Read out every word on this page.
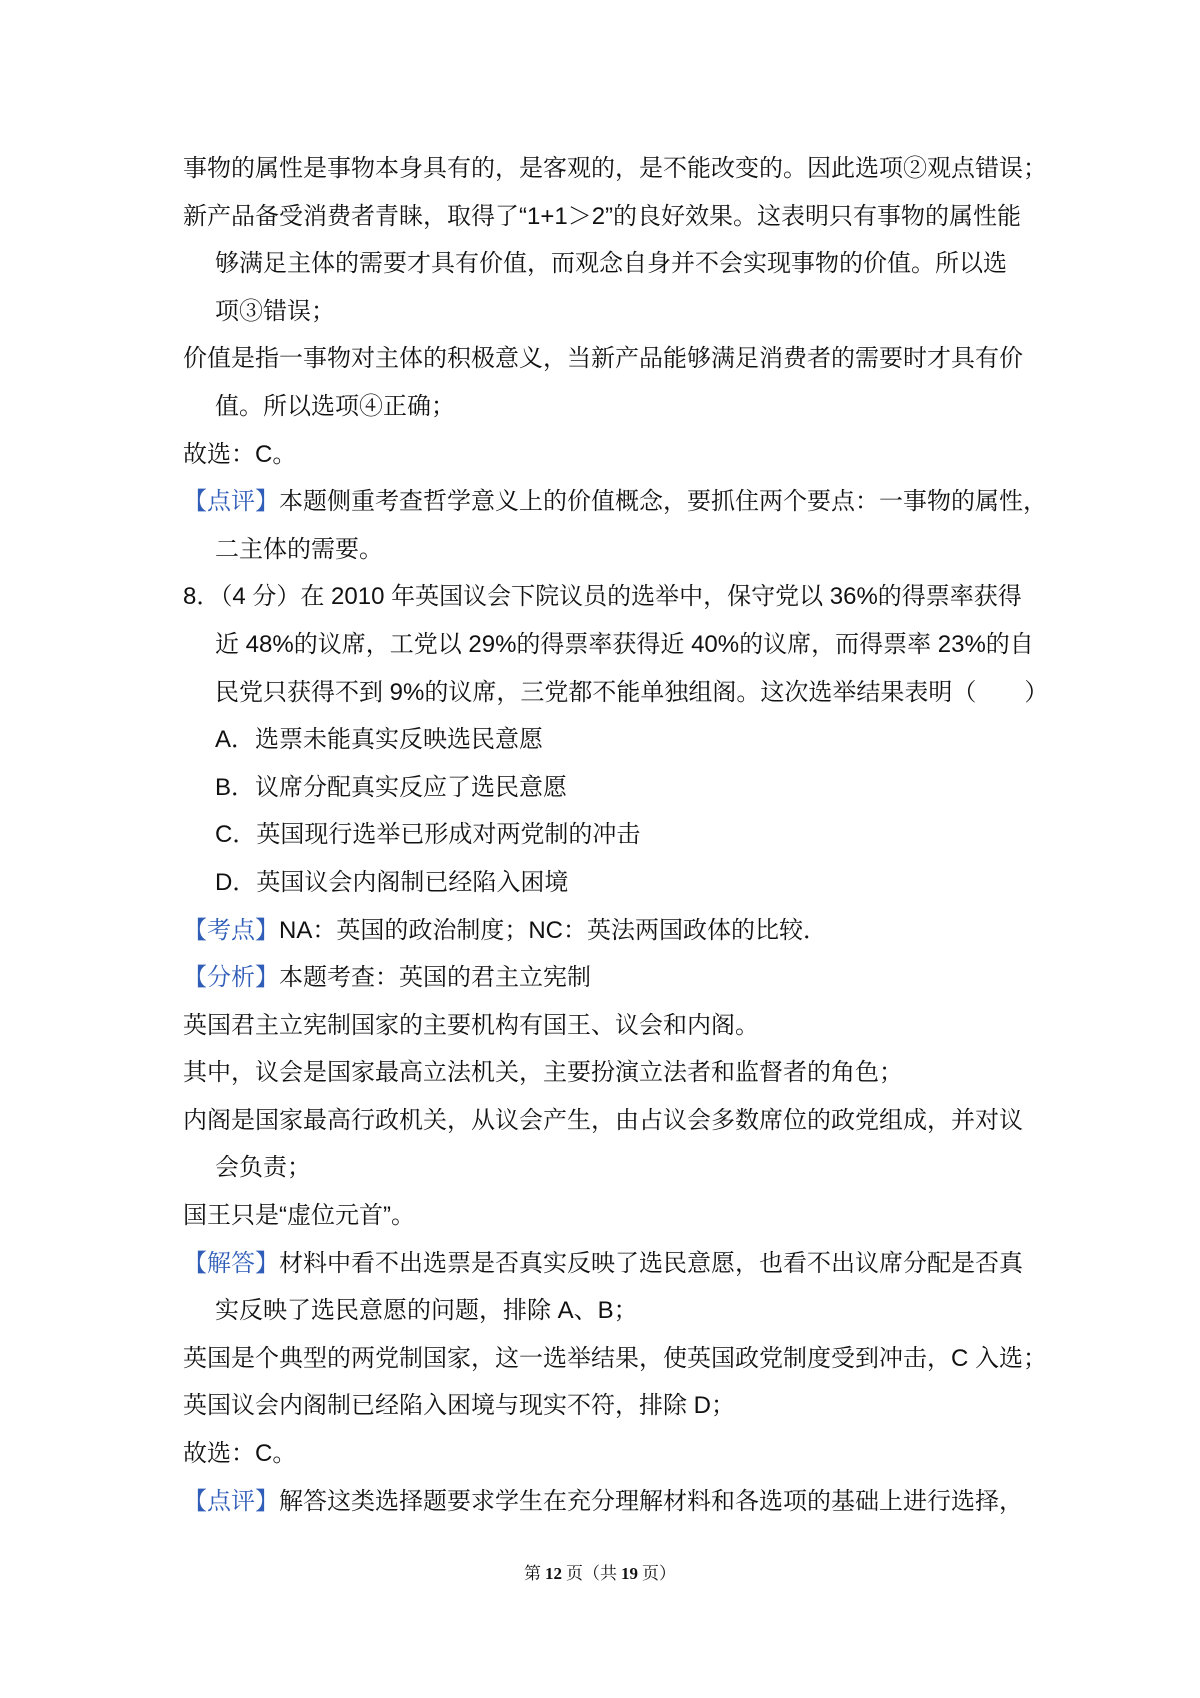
事物的属性是事物本身具有的，是客观的，是不能改变的。因此选项②观点错误；
新产品备受消费者青睐，取得了“1+1＞2”的良好效果。这表明只有事物的属性能
够满足主体的需要才具有价值，而观念自身并不会实现事物的价值。所以选
项③错误；
价值是指一事物对主体的积极意义，当新产品能够满足消费者的需要时才具有价
值。所以选项④正确；
故选：C。
【点评】本题侧重考查哲学意义上的价值概念，要抓住两个要点：一事物的属性，
二主体的需要。
8．（4 分）在 2010 年英国议会下院议员的选举中，保守党以 36%的得票率获得
近 48%的议席，工党以 29%的得票率获得近 40%的议席，而得票率 23%的自
民党只获得不到 9%的议席，三党都不能单独组阁。这次选举结果表明（　　）
A．选票未能真实反映选民意愿
B．议席分配真实反应了选民意愿
C．英国现行选举已形成对两党制的冲击
D．英国议会内阁制已经陷入困境
【考点】NA：英国的政治制度；NC：英法两国政体的比较．
【分析】本题考查：英国的君主立宪制
英国君主立宪制国家的主要机构有国王、议会和内阁。
其中，议会是国家最高立法机关，主要扮演立法者和监督者的角色；
内阁是国家最高行政机关，从议会产生，由占议会多数席位的政党组成，并对议
会负责；
国王只是“虚位元首”。
【解答】材料中看不出选票是否真实反映了选民意愿，也看不出议席分配是否真
实反映了选民意愿的问题，排除 A、B；
英国是个典型的两党制国家，这一选举结果，使英国政党制度受到冲击，C 入选；
英国议会内阁制已经陷入困境与现实不符，排除 D；
故选：C。
【点评】解答这类选择题要求学生在充分理解材料和各选项的基础上进行选择，
第 12 页（共 19 页）
